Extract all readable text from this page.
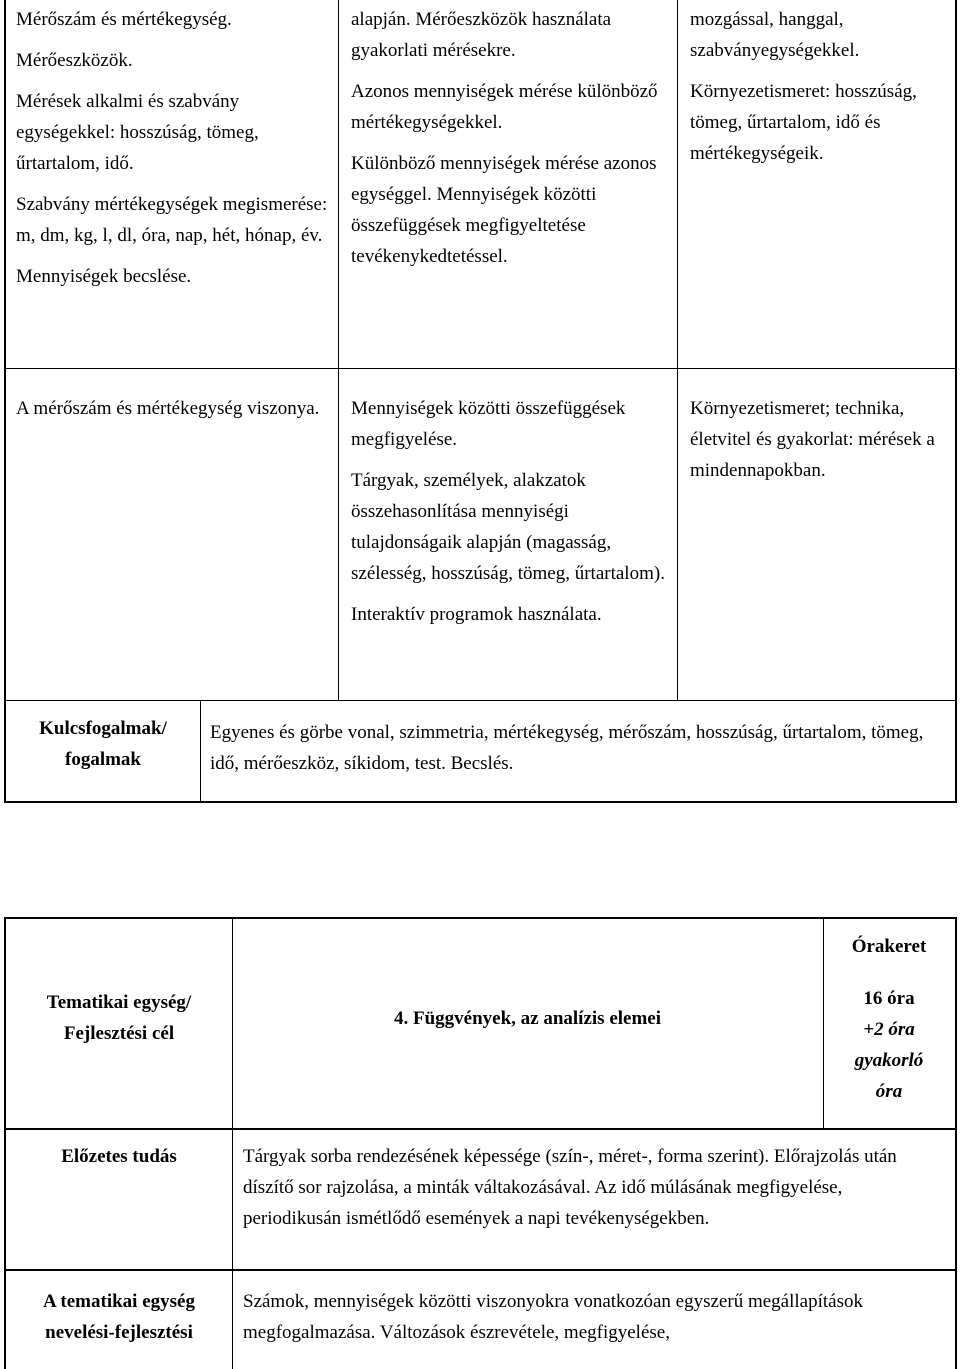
Mérőszám és mértékegység.

Mérőeszközök.

Mérések alkalmi és szabvány egységekkel: hosszúság, tömeg, űrtartalom, idő.

Szabvány mértékegységek megismerése: m, dm, kg, l, dl, óra, nap, hét, hónap, év.

Mennyiségek becslése.

alapján. Mérőeszközök használata gyakorlati mérésekre.

Azonos mennyiségek mérése különböző mértékegységekkel.

Különböző mennyiségek mérése azonos egységgel. Mennyiségek közötti összefüggések megfigyeltetése tevékenykedtetéssel.

mozgással, hanggal, szabványegységekkel.

Környezetismeret: hosszúság, tömeg, űrtartalom, idő és mértékegységeik.

A mérőszám és mértékegység viszonya.	Mennyiségek közötti összefüggések megfigyelése.

Tárgyak, személyek, alakzatok összehasonlítása mennyiségi tulajdonságaik alapján (magasság, szélesség, hosszúság, tömeg, űrtartalom).

Interaktív programok használata.

Környezetismeret; technika, életvitel és gyakorlat: mérések a mindennapokban.

Kulcsfogalmak/

fogalmak

Egyenes és görbe vonal, szimmetria, mértékegység, mérőszám, hosszúság, űrtartalom, tömeg, idő, mérőeszköz, síkidom, test. Becslés.

Tematikai egység/

Fejlesztési cél

4. Függvények, az analízis elemei

Órakeret

16 óra

+2 óra

gyakorló

óra

Előzetes tudás	Tárgyak sorba rendezésének képessége (szín-, méret-, forma szerint). Előrajzolás után díszítő sor rajzolása, a minták váltakozásával. Az idő múlásának megfigyelése, periodikusán ismétlődő események a napi tevékenységekben.

A tematikai egység

nevelési-fejlesztési

Számok, mennyiségek közötti viszonyokra vonatkozóan egyszerű megállapítások megfogalmazása. Változások észrevétele, megfigyelése,
